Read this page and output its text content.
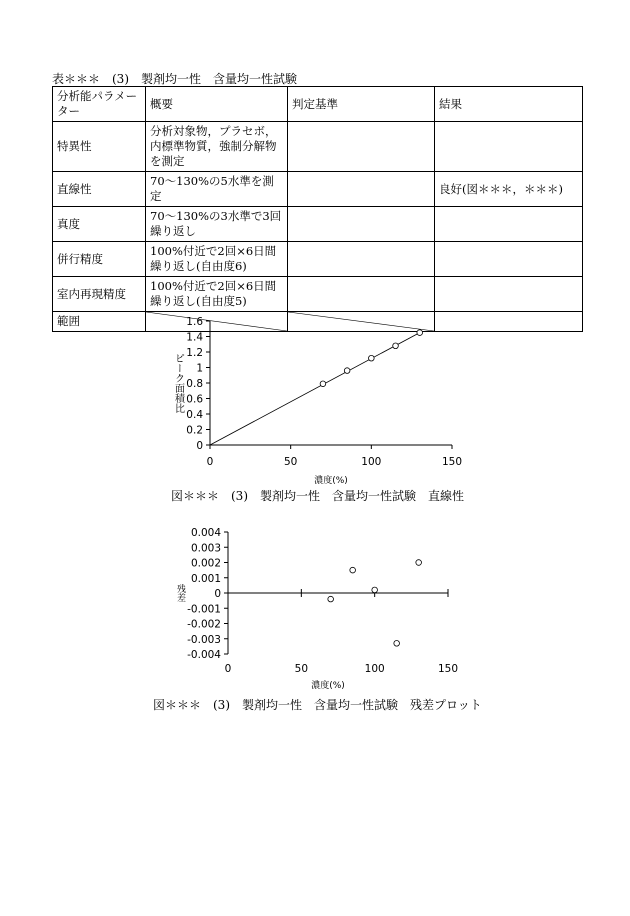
表＊＊＊　(3)　製剤均一性　含量均一性試験
分析能パラメーター	概要	判定基準	結果
特異性	分析対象物，プラセボ，内標準物質，強制分解物を測定		
直線性	70～130%の5水準を測定		良好(図＊＊＊，＊＊＊)
真度	70～130%の3水準で3回繰り返し		
併行精度	100%付近で2回×6日間繰り返し(自由度6)		
室内再現精度	100%付近で2回×6日間繰り返し(自由度5)		
範囲	

0
0.2
0.4
0.6
0.8
1
1.2
1.4
1.6
0	50	100	150
濃度(%)
ピーク面積比
図＊＊＊　(3)　製剤均一性　含量均一性試験　直線性
0.004
0.003
0.002
0.001
0
-0.001
-0.002
-0.003
-0.004
0	50	100	150
濃度(%)
残差
図＊＊＊　(3)　製剤均一性　含量均一性試験　残差プロット
